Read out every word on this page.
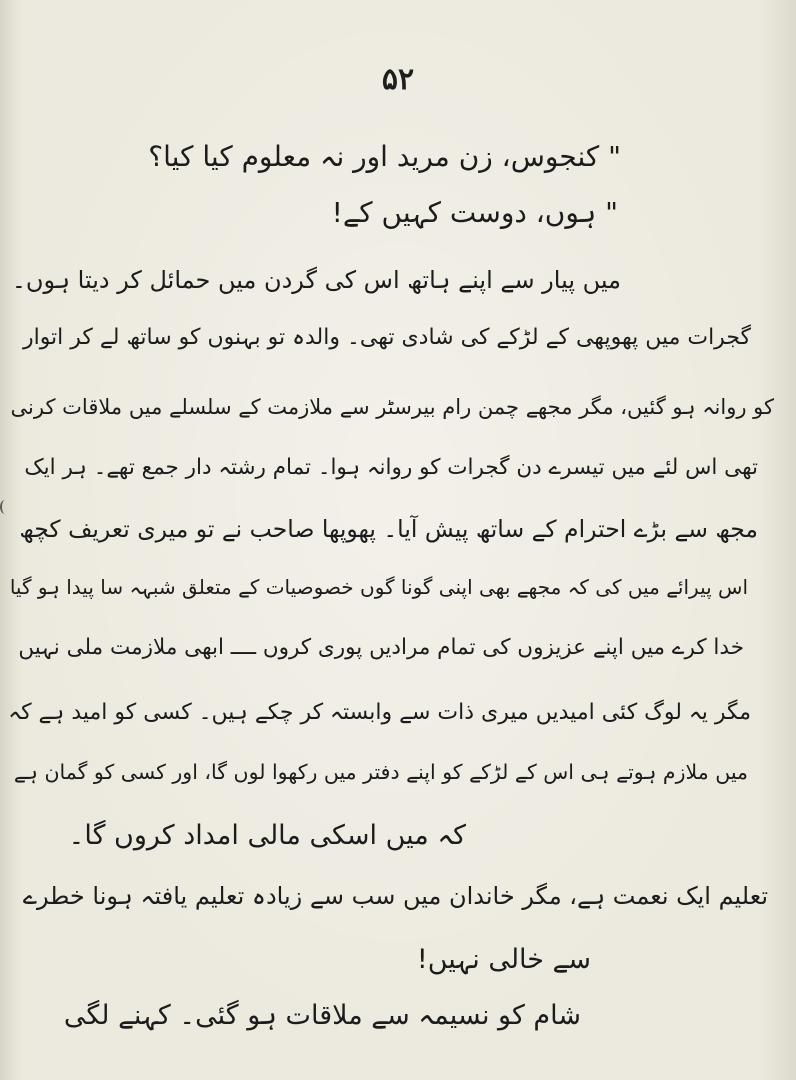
۵۲
" کنجوس، زن مرید اور نہ معلوم کیا کیا؟
" ہوں، دوست کہیں کے!
میں پیار سے اپنے ہاتھ اس کی گردن میں حمائل کر دیتا ہوں۔
گجرات میں پھوپھی کے لڑکے کی شادی تھی۔ والدہ تو بہنوں کو ساتھ لے کر اتوار
کو روانہ ہو گئیں، مگر مجھے چمن رام بیرسٹر سے ملازمت کے سلسلے میں ملاقات کرنی
تھی اس لئے میں تیسرے دن گجرات کو روانہ ہوا۔ تمام رشتہ دار جمع تھے۔ ہر ایک
مجھ سے بڑے احترام کے ساتھ پیش آیا۔ پھوپھا صاحب نے تو میری تعریف کچھ
اس پیرائے میں کی کہ مجھے بھی اپنی گونا گوں خصوصیات کے متعلق شبہہ سا پیدا ہو گیا
خدا کرے میں اپنے عزیزوں کی تمام مرادیں پوری کروں ــــ ابھی ملازمت ملی نہیں
مگر یہ لوگ کئی امیدیں میری ذات سے وابستہ کر چکے ہیں۔ کسی کو امید ہے کہ
میں ملازم ہوتے ہی اس کے لڑکے کو اپنے دفتر میں رکھوا لوں گا، اور کسی کو گمان ہے
کہ میں اسکی مالی امداد کروں گا۔
تعلیم ایک نعمت ہے، مگر خاندان میں سب سے زیادہ تعلیم یافتہ ہونا خطرے
سے خالی نہیں!
شام کو نسیمہ سے ملاقات ہو گئی۔ کہنے لگی
